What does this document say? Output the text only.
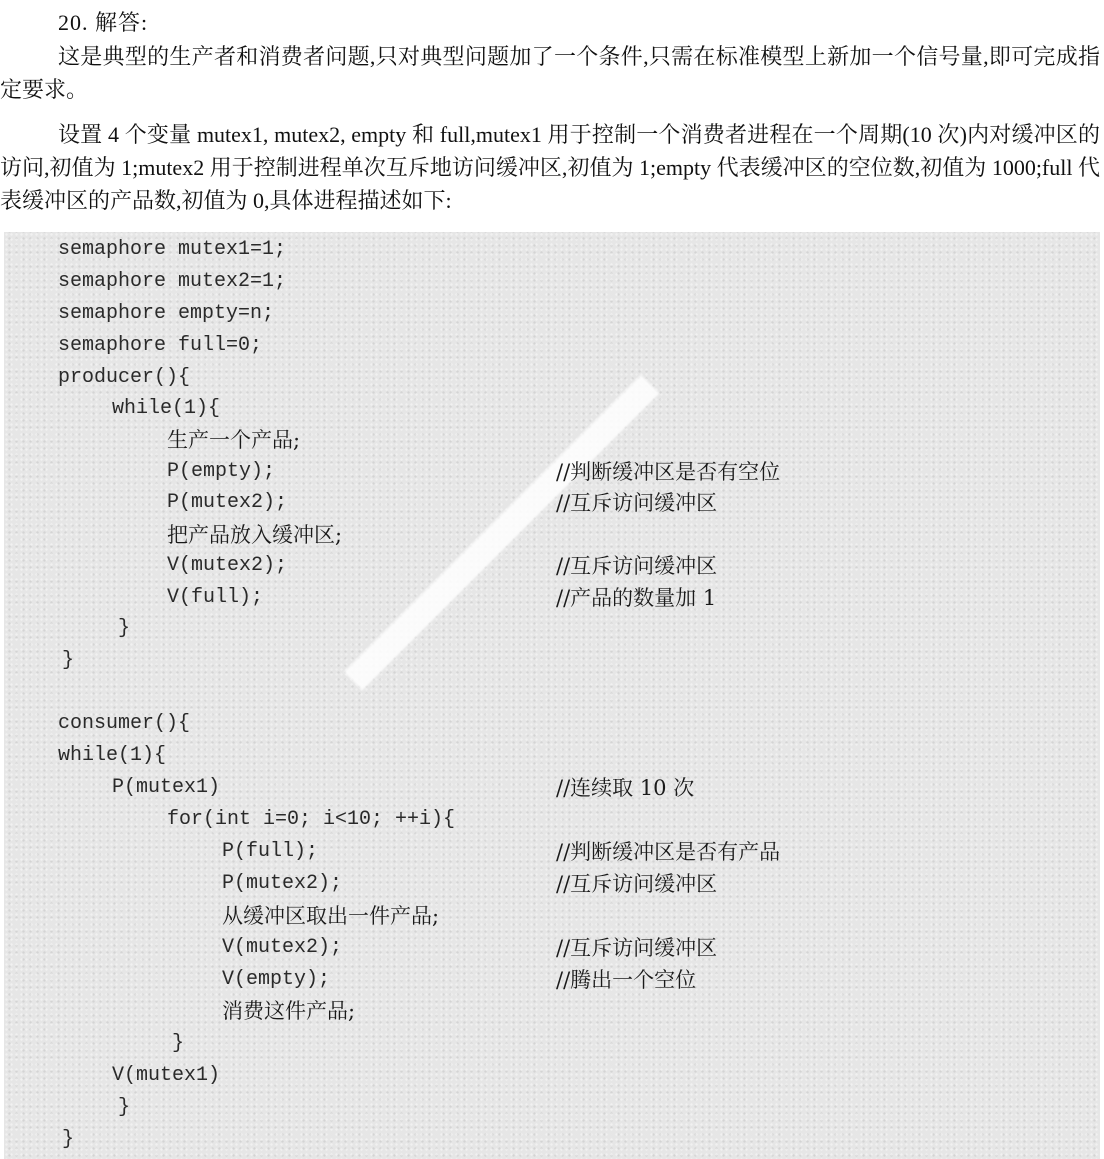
20. 解答:

这是典型的生产者和消费者问题,只对典型问题加了一个条件,只需在标准模型上新加一个信号量,即可完成指定要求。

设置 4 个变量 mutex1, mutex2, empty 和 full,mutex1 用于控制一个消费者进程在一个周期(10 次)内对缓冲区的访问,初值为 1;mutex2 用于控制进程单次互斥地访问缓冲区,初值为 1;empty 代表缓冲区的空位数,初值为 1000;full 代表缓冲区的产品数,初值为 0,具体进程描述如下:

semaphore mutex1=1;
semaphore mutex2=1;
semaphore empty=n;
semaphore full=0;
producer(){
while(1){
生产一个产品;
P(empty);	//判断缓冲区是否有空位
P(mutex2);	//互斥访问缓冲区
把产品放入缓冲区;
V(mutex2);	//互斥访问缓冲区
V(full);	//产品的数量加 1
}
}
consumer(){
while(1){
P(mutex1)	//连续取 10 次
for(int i=0; i<10; ++i){
P(full);	//判断缓冲区是否有产品
P(mutex2);	//互斥访问缓冲区
从缓冲区取出一件产品;
V(mutex2);	//互斥访问缓冲区
V(empty);	//腾出一个空位
消费这件产品;
}
V(mutex1)
}
}
